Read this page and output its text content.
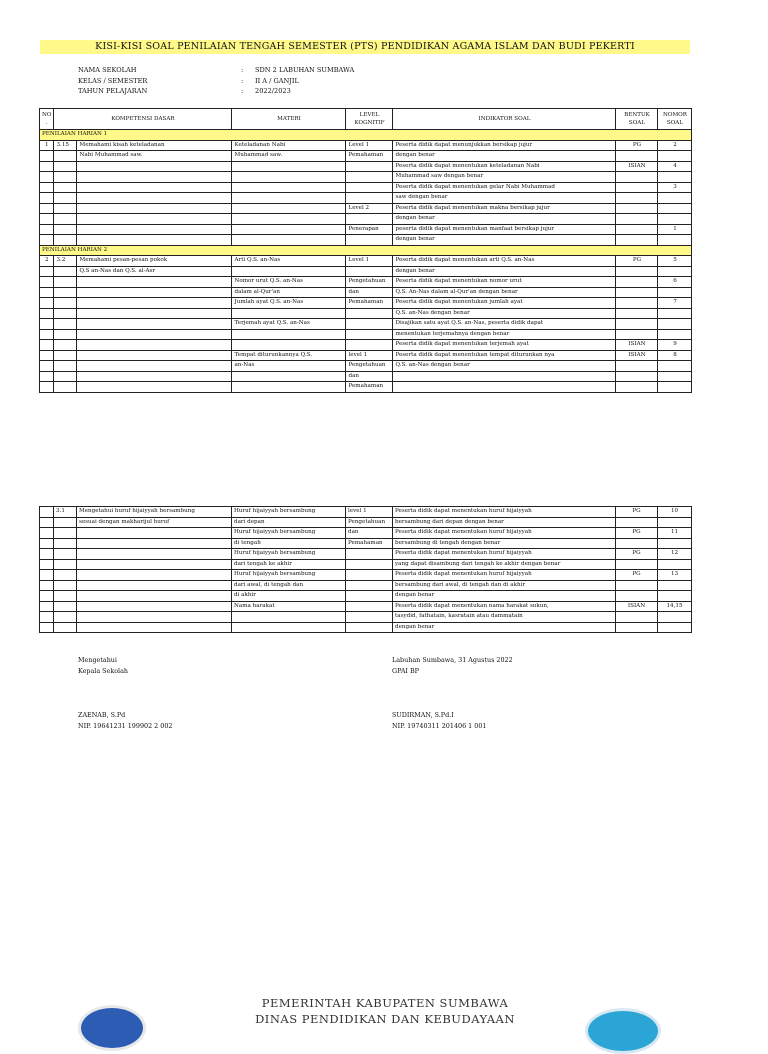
KISI-KISI SOAL PENILAIAN TENGAH SEMESTER (PTS) PENDIDIKAN AGAMA ISLAM DAN BUDI PEKERTI
NAMA SEKOLAH	:	SDN 2 LABUHAN SUMBAWA
KELAS / SEMESTER	:	II A / GANJIL
TAHUN PELAJARAN	:	2022/2023
NO .	KOMPETENSI DASAR		MATERI	LEVEL KOGNITIF	INDIKATOR SOAL	BENTUK SOAL	NOMOR SOAL
PENILAIAN HARIAN 1							
1	3.15	Memahami kisah keteladanan	Keteladanan Nabi	Level 1	Peserta didik dapat menunjukkan bersikap jujur	PG	2
		Nabi Muhammad saw.	Muhammad saw.	Pemahaman	dengan benar		
					Peserta didik dapat menentukan keteladanan Nabi	ISIAN	4
					Muhammad saw dengan benar		
					Peserta didik dapat menentukan gelar Nabi Muhammad		3
					saw dengan benar		
				Level 2	Peserta didik dapat menentukan makna bersikap jujur		
					dengan benar		
				Penerapan	peserta didik dapat menentukan manfaat bersikap jujur		1
					dengan benar		
PENILAIAN HARIAN 2							
2	3.2	Memahami pesan-pesan pokok	Arti Q.S. an-Nas	Level 1	Peserta didik dapat menentukan arti Q.S. an-Nas	PG	5
		Q.S an-Nas dan Q.S. al-Asr			dengan benar		
			Nomor urut Q.S. an-Nas	Pengetahuan	Peserta didik dapat menentukan nomor urut		6
			dalam al-Qur'an	dan	Q.S. An-Nas dalam al-Qur'an dengan benar		
			Jumlah ayat Q.S. an-Nas	Pemahaman	Peserta didik dapat menentukan jumlah ayat		7
					Q.S. an-Nas dengan benar		
			Terjemah ayat Q.S. an-Nas		Disajikan satu ayat Q.S. an-Nas, peserta didik dapat		
					menentukan terjemahnya dengan benar		
					Peserta didik dapat menentukan terjemah ayat	ISIAN	9
			Tempat diturunkannya Q.S.	level 1	Peserta didik dapat menentukan tempat diturunkan nya	ISIAN	8
			an-Nas	Pengetahuan	Q.S. an-Nas dengan benar		
				dan			
				Pemahaman			
	3.1	Mengetahui huruf hijaiyyah bersambung	Huruf hijaiyyah bersambung	level 1	Peserta didik dapat menentukan huruf hijaiyyah	PG	10
		sesuai dengan makharijul huruf	dari depan	Pengetahuan	bersambung dari depan dengan benar		
			Huruf hijaiyyah bersambung	dan	Peserta didik dapat menentukan huruf hijaiyyah	PG	11
			di tengah	Pemahaman	bersambung di tengah dengan benar		
			Huruf hijaiyyah bersambung		Peserta didik dapat menentukan huruf hijaiyyah	PG	12
			dari tengah ke akhir		yang dapat disambung dari tengah ke akhir dengan benar		
			Huruf hijaiyyah bersambung		Peserta didik dapat menentukan huruf hijaiyyah	PG	13
			dari awal, di tengah dan		bersambung dari awal, di tengah dan di akhir		
			di akhir		dengan benar		
			Nama harakat		Peserta didik dapat menentukan nama harakat sukun,	ISIAN	14,15
					tasydid, fathatain, kasratain atau dammatain		
					dengan benar		
Mengetahui
Kepala Sekolah
ZAENAB, S.Pd
NIP. 19641231 199902 2 002
Labuhan Sumbawa, 31 Agustus 2022
GPAI BP
SUDIRMAN, S.Pd.I
NIP. 19740311 201406 1 001
PEMERINTAH KABUPATEN SUMBAWA
DINAS PENDIDIKAN DAN KEBUDAYAAN
